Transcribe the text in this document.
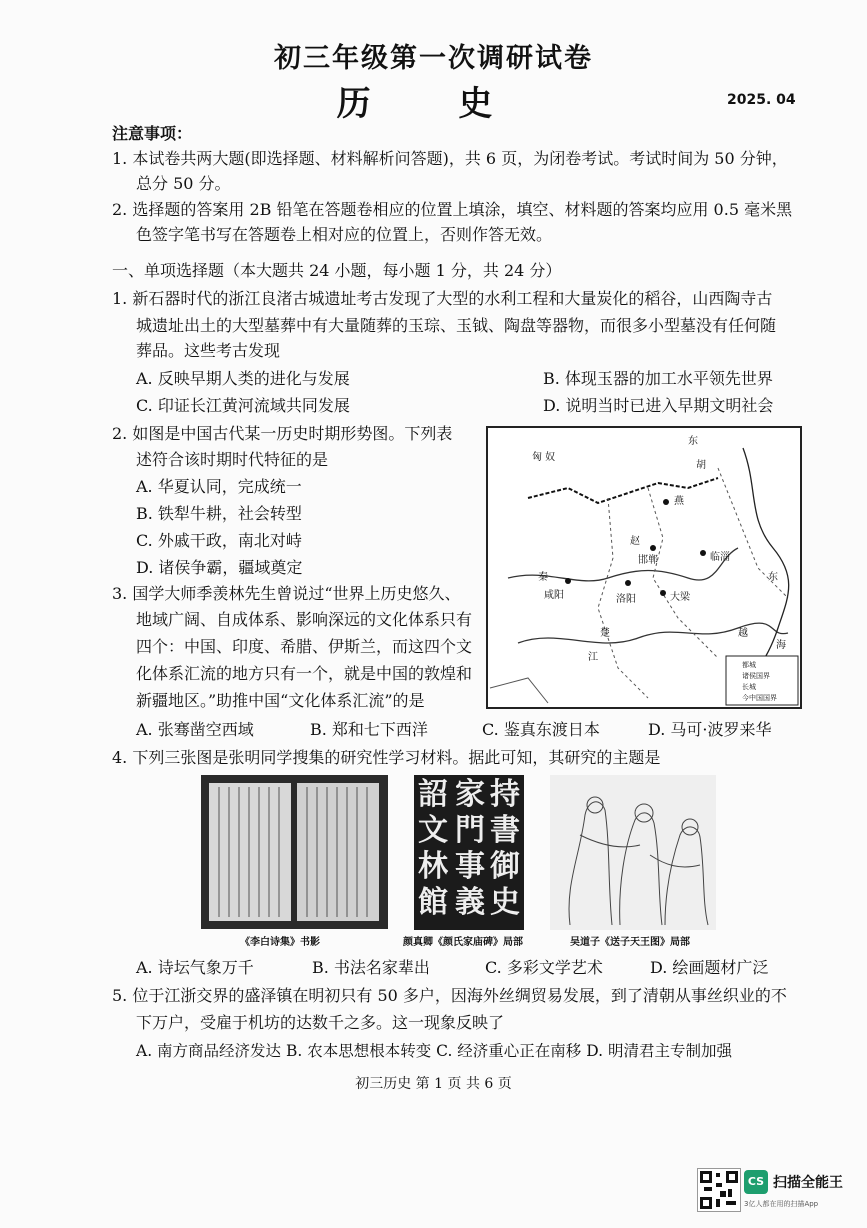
初三年级第一次调研试卷
历 史	2025. 04
注意事项：
1. 本试卷共两大题(即选择题、材料解析问答题)，共 6 页，为闭卷考试。考试时间为 50 分钟，
总分 50 分。
2. 选择题的答案用 2B 铅笔在答题卷相应的位置上填涂，填空、材料题的答案均应用 0.5 毫米黑
色签字笔书写在答题卷上相对应的位置上，否则作答无效。
一、单项选择题（本大题共 24 小题，每小题 1 分，共 24 分）
1. 新石器时代的浙江良渚古城遗址考古发现了大型的水利工程和大量炭化的稻谷，山西陶寺古
城遗址出土的大型墓葬中有大量随葬的玉琮、玉钺、陶盘等器物，而很多小型墓没有任何随
葬品。这些考古发现
A. 反映早期人类的进化与发展	B. 体现玉器的加工水平领先世界
C. 印证长江黄河流域共同发展	D. 说明当时已进入早期文明社会
2. 如图是中国古代某一历史时期形势图。下列表
述符合该时期时代特征的是
A. 华夏认同，完成统一
B. 铁犁牛耕，社会转型
C. 外戚干政，南北对峙
D. 诸侯争霸，疆域奠定
东
胡
匈 奴
燕
赵
邯郸	临淄
咸阳	洛阳	大梁
秦
楚	越
东
海
江
都城
诸侯国界
长城
今中国国界
3. 国学大师季羡林先生曾说过“世界上历史悠久、
地域广阔、自成体系、影响深远的文化体系只有
四个：中国、印度、希腊、伊斯兰，而这四个文
化体系汇流的地方只有一个，就是中国的敦煌和
新疆地区。”助推中国“文化体系汇流”的是
A. 张骞凿空西域	B. 郑和七下西洋	C. 鉴真东渡日本	D. 马可·波罗来华
4. 下列三张图是张明同学搜集的研究性学习材料。据此可知，其研究的主题是
持書御史
家門事義
詔文林館
《李白诗集》书影	颜真卿《颜氏家庙碑》局部	吴道子《送子天王图》局部
A. 诗坛气象万千	B. 书法名家辈出	C. 多彩文学艺术	D. 绘画题材广泛
5. 位于江浙交界的盛泽镇在明初只有 50 多户，因海外丝绸贸易发展，到了清朝从事丝织业的不
下万户，受雇于机坊的达数千之多。这一现象反映了
A. 南方商品经济发达 B. 农本思想根本转变 C. 经济重心正在南移 D. 明清君主专制加强
初三历史 第 1 页 共 6 页
CS 扫描全能王
3亿人都在用的扫描App
